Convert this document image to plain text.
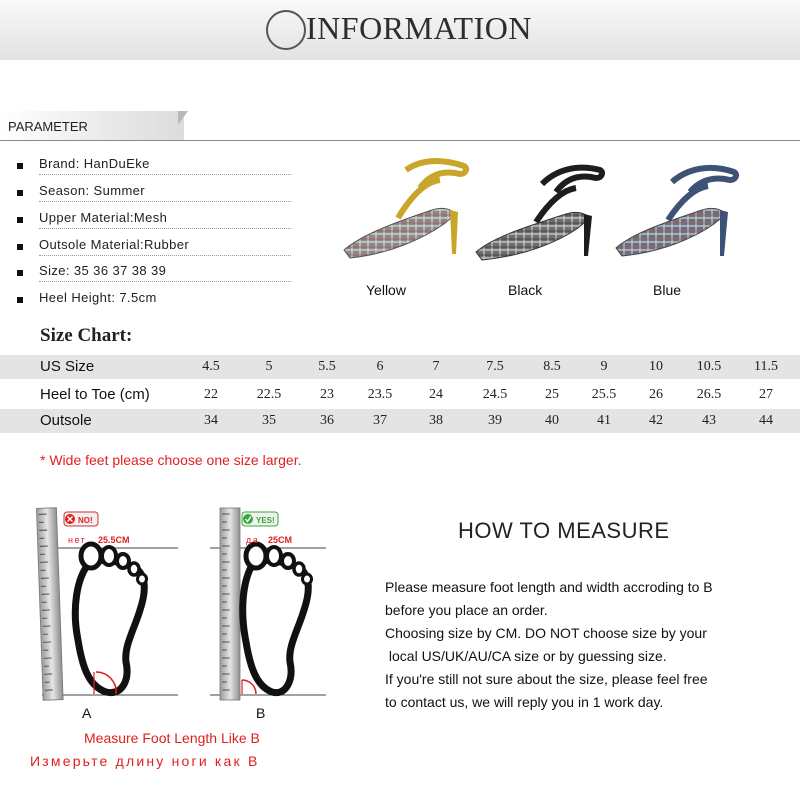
INFORMATION
PARAMETER
Brand: HanDuEke
Season: Summer
Upper Material:Mesh
Outsole Material:Rubber
Size: 35 36 37 38 39
Heel Height: 7.5cm	Yellow	Black	Blue
Size Chart:
US Size	4.5	5	5.5	6	7	7.5	8.5	9	10	10.5	11.5
Heel to Toe (cm)	22	22.5	23	23.5	24	24.5	25	25.5	26	26.5	27
Outsole	34	35	36	37	38	39	40	41	42	43	44
* Wide feet please choose one size larger.
NO!
нет 25.5CM
A
YES!
да 25CM
B
Measure Foot Length Like B
Измерьте длину ноги как В
HOW TO MEASURE
Please measure foot length and width accroding to B
before you place an order.
Choosing size by CM. DO NOT choose size by your
local US/UK/AU/CA size or by guessing size.
If you're still not sure about the size, please feel free
to contact us, we will reply you in 1 work day.
